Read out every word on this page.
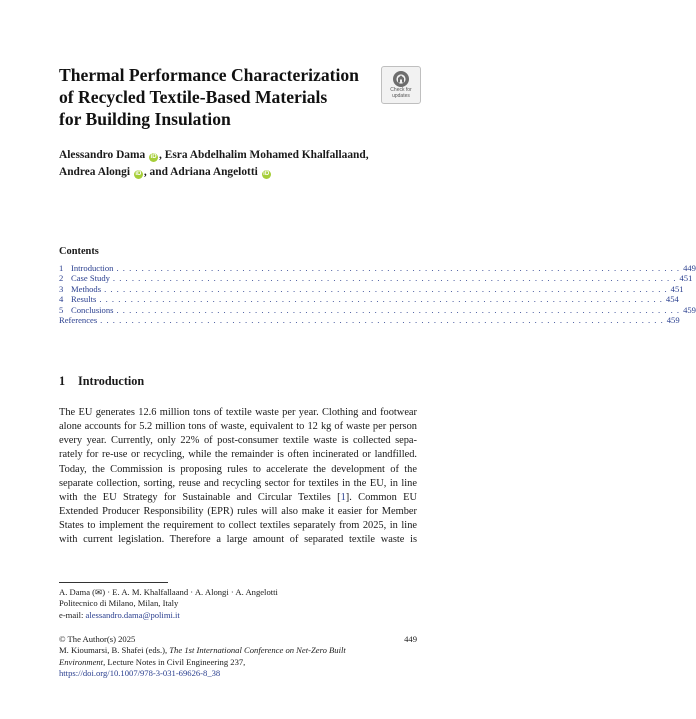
Thermal Performance Characterization
of Recycled Textile-Based Materials
for Building Insulation
Check for
updates
Alessandro Dama iD , Esra Abdelhalim Mohamed Khalfallaand,
Andrea Alongi iD , and Adriana Angelotti iD
Contents
1 Introduction . . . . . . . . . . . . . . . . . . . . . . . . . . . . . . . . . . . . . . . . . . . . . . . . . . . . . . . . . . . . . . . . . . . . . . . . . . . . . . . . . . . . . . . . . . 449
2 Case Study . . . . . . . . . . . . . . . . . . . . . . . . . . . . . . . . . . . . . . . . . . . . . . . . . . . . . . . . . . . . . . . . . . . . . . . . . . . . . . . . . . . . . . . . . . 451
3 Methods . . . . . . . . . . . . . . . . . . . . . . . . . . . . . . . . . . . . . . . . . . . . . . . . . . . . . . . . . . . . . . . . . . . . . . . . . . . . . . . . . . . . . . . . . . 451
4 Results . . . . . . . . . . . . . . . . . . . . . . . . . . . . . . . . . . . . . . . . . . . . . . . . . . . . . . . . . . . . . . . . . . . . . . . . . . . . . . . . . . . . . . . . . . 454
5 Conclusions . . . . . . . . . . . . . . . . . . . . . . . . . . . . . . . . . . . . . . . . . . . . . . . . . . . . . . . . . . . . . . . . . . . . . . . . . . . . . . . . . . . . . . . . . . 459
References . . . . . . . . . . . . . . . . . . . . . . . . . . . . . . . . . . . . . . . . . . . . . . . . . . . . . . . . . . . . . . . . . . . . . . . . . . . . . . . . . . . . . . . . . . 459
1 Introduction
The EU generates 12.6 million tons of textile waste per year. Clothing and footwear
alone accounts for 5.2 million tons of waste, equivalent to 12 kg of waste per person
every year. Currently, only 22% of post-consumer textile waste is collected sepa-
rately for re-use or recycling, while the remainder is often incinerated or landfilled.
Today, the Commission is proposing rules to accelerate the development of the
separate collection, sorting, reuse and recycling sector for textiles in the EU, in line
with the EU Strategy for Sustainable and Circular Textiles [1]. Common EU
Extended Producer Responsibility (EPR) rules will also make it easier for Member
States to implement the requirement to collect textiles separately from 2025, in line
with current legislation. Therefore a large amount of separated textile waste is
A. Dama (✉) · E. A. M. Khalfallaand · A. Alongi · A. Angelotti
Politecnico di Milano, Milan, Italy
e-mail: alessandro.dama@polimi.it
© The Author(s) 2025	449
M. Kioumarsi, B. Shafei (eds.), The 1st International Conference on Net-Zero Built
Environment, Lecture Notes in Civil Engineering 237,
https://doi.org/10.1007/978-3-031-69626-8_38
